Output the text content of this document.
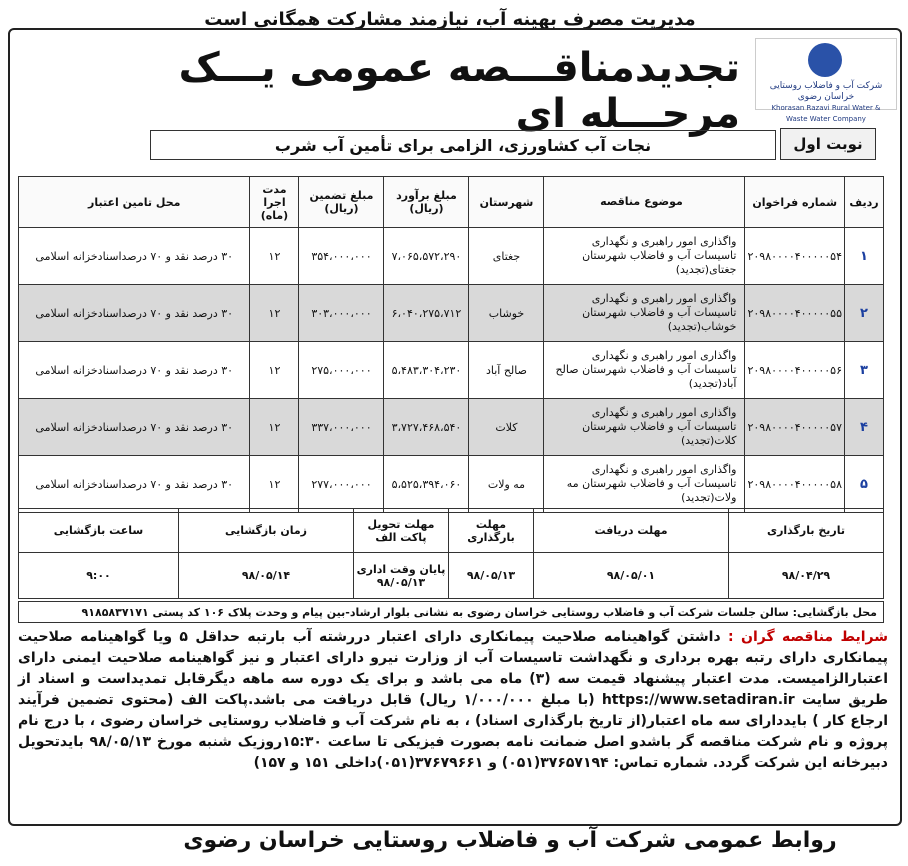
مدیریت مصرف بهینه آب، نیازمند مشارکت همگانی است
شرکت آب و فاضلاب روستایی خراسان رضوی
Khorasan Razavi Rural Water & Waste Water Company
تجدیدمناقـــصه عمومی یـــک مرحـــله ای
نوبت اول
نجات آب کشاورزی، الزامی برای تأمین آب شرب
ردیف	شماره فراخوان	موضوع مناقصه	شهرستان	مبلغ برآورد (ریال)	مبلغ تضمین (ریال)	مدت اجرا (ماه)	محل تامین اعتبار
۱	۲۰۹۸۰۰۰۰۴۰۰۰۰۰۵۴	واگذاری امور راهبری و نگهداری تاسیسات آب و فاضلاب شهرستان جغتای(تجدید)	جغتای	۷،۰۶۵،۵۷۲،۲۹۰	۳۵۴،۰۰۰،۰۰۰	۱۲	۳۰ درصد نقد و ۷۰ درصداسنادخزانه اسلامی
۲	۲۰۹۸۰۰۰۰۴۰۰۰۰۰۵۵	واگذاری امور راهبری و نگهداری تاسیسات آب و فاضلاب شهرستان خوشاب(تجدید)	خوشاب	۶،۰۴۰،۲۷۵،۷۱۲	۳۰۳،۰۰۰،۰۰۰	۱۲	۳۰ درصد نقد و ۷۰ درصداسنادخزانه اسلامی
۳	۲۰۹۸۰۰۰۰۴۰۰۰۰۰۵۶	واگذاری امور راهبری و نگهداری تاسیسات آب و فاضلاب شهرستان صالح آباد(تجدید)	صالح آباد	۵،۴۸۳،۳۰۴،۲۳۰	۲۷۵،۰۰۰،۰۰۰	۱۲	۳۰ درصد نقد و ۷۰ درصداسنادخزانه اسلامی
۴	۲۰۹۸۰۰۰۰۴۰۰۰۰۰۵۷	واگذاری امور راهبری و نگهداری تاسیسات آب و فاضلاب شهرستان کلات(تجدید)	کلات	۳،۷۲۷،۴۶۸،۵۴۰	۳۳۷،۰۰۰،۰۰۰	۱۲	۳۰ درصد نقد و ۷۰ درصداسنادخزانه اسلامی
۵	۲۰۹۸۰۰۰۰۴۰۰۰۰۰۵۸	واگذاری امور راهبری و نگهداری تاسیسات آب و فاضلاب شهرستان مه ولات(تجدید)	مه ولات	۵،۵۲۵،۳۹۴،۰۶۰	۲۷۷،۰۰۰،۰۰۰	۱۲	۳۰ درصد نقد و ۷۰ درصداسنادخزانه اسلامی
تاریخ بارگذاری	مهلت دریافت	مهلت بارگذاری	مهلت تحویل پاکت الف	زمان بازگشایی	ساعت بازگشایی
۹۸/۰۴/۲۹	۹۸/۰۵/۰۱	۹۸/۰۵/۱۳	پایان وقت اداری ۹۸/۰۵/۱۳	۹۸/۰۵/۱۴	۹:۰۰
محل بازگشایی: سالن جلسات شرکت آب و فاضلاب روستایی خراسان رضوی به نشانی بلوار ارشاد-بین پیام و وحدت پلاک ۱۰۶ کد پستی ۹۱۸۵۸۳۷۱۷۱
شرایط مناقصه گران : داشتن گواهینامه صلاحیت پیمانکاری دارای اعتبار دررشته آب بارتبه حداقل ۵ ویا گواهینامه صلاحیت پیمانکاری دارای رتبه بهره برداری و نگهداشت تاسیسات آب از وزارت نیرو دارای اعتبار و نیز گواهینامه صلاحیت ایمنی دارای اعتبارالزامیست. مدت اعتبار پیشنهاد قیمت سه (۳) ماه می باشد و برای یک دوره سه ماهه دیگرقابل تمدیداست و اسناد از طریق سایت https://www.setadiran.ir (با مبلغ ۱/۰۰۰/۰۰۰ ریال) قابل دریافت می باشد.پاکت الف (محتوی تضمین فرآیند ارجاع کار ) بایددارای سه ماه اعتبار(از تاریخ بارگذاری اسناد) ، به نام شرکت آب و فاضلاب روستایی خراسان رضوی ، با درج نام پروژه و نام شرکت مناقصه گر باشدو اصل ضمانت نامه بصورت فیزیکی تا ساعت ۱۵:۳۰روزیک شنبه مورخ ۹۸/۰۵/۱۳ بایدتحویل دبیرخانه این شرکت گردد. شماره تماس: ۳۷۶۵۷۱۹۴(۰۵۱) و ۳۷۶۷۹۶۶۱(۰۵۱)داخلی ۱۵۱ و ۱۵۷)
روابط عمومی شرکت آب و فاضلاب روستایی خراسان رضوی
